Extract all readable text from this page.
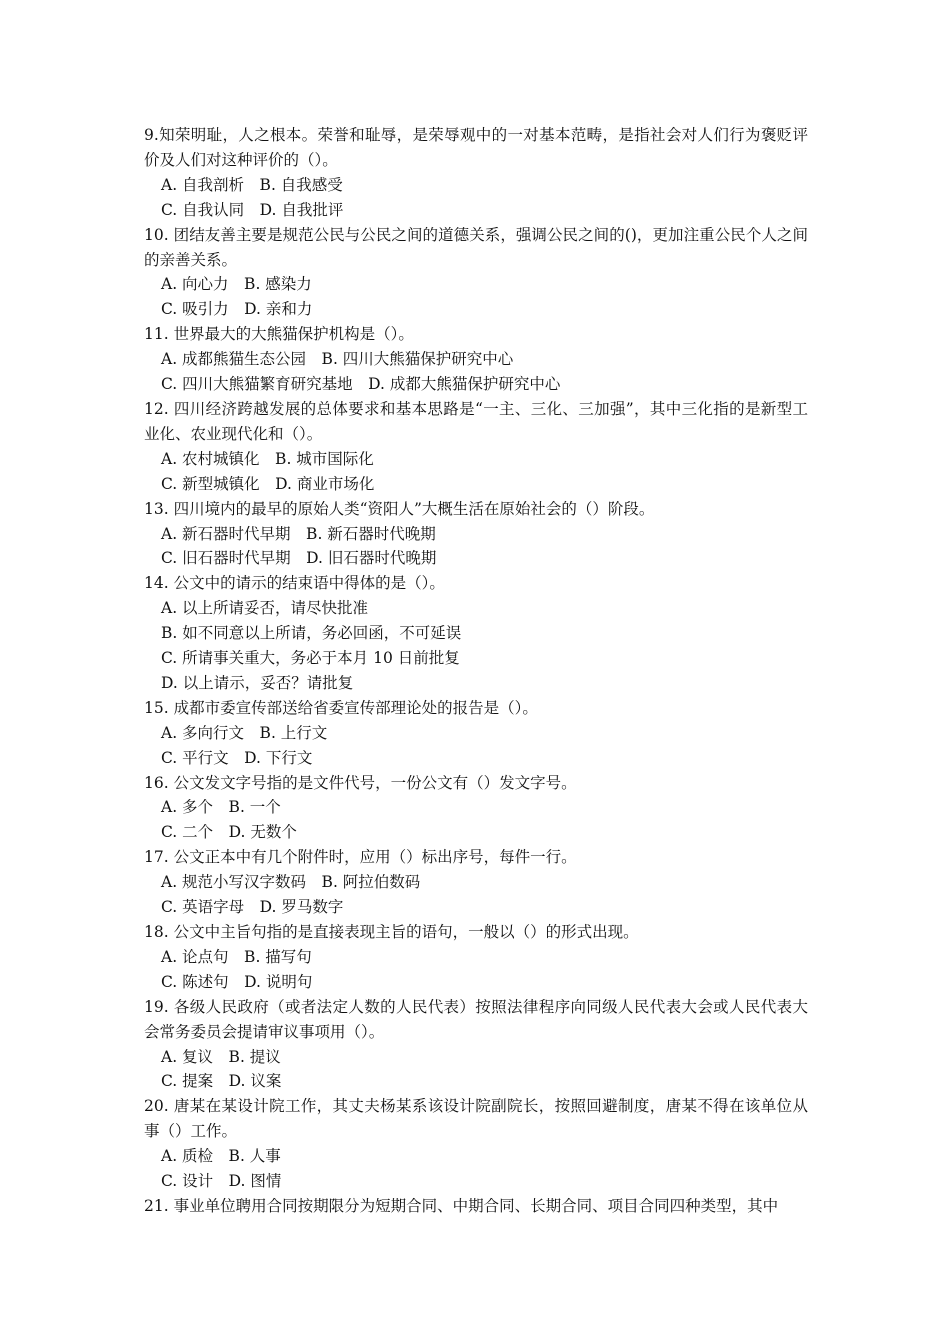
9.知荣明耻，人之根本。荣誉和耻辱，是荣辱观中的一对基本范畴，是指社会对人们行为褒贬评价及人们对这种评价的（）。

A. 自我剖析　B. 自我感受

C. 自我认同　D. 自我批评

10. 团结友善主要是规范公民与公民之间的道德关系，强调公民之间的()，更加注重公民个人之间的亲善关系。

A. 向心力　B. 感染力

C. 吸引力　D. 亲和力

11. 世界最大的大熊猫保护机构是（）。

A. 成都熊猫生态公园　B. 四川大熊猫保护研究中心

C. 四川大熊猫繁育研究基地　D. 成都大熊猫保护研究中心

12. 四川经济跨越发展的总体要求和基本思路是“一主、三化、三加强”，其中三化指的是新型工业化、农业现代化和（）。

A. 农村城镇化　B. 城市国际化

C. 新型城镇化　D. 商业市场化

13. 四川境内的最早的原始人类“资阳人”大概生活在原始社会的（）阶段。

A. 新石器时代早期　B. 新石器时代晚期

C. 旧石器时代早期　D. 旧石器时代晚期

14. 公文中的请示的结束语中得体的是（）。

A. 以上所请妥否，请尽快批准

B. 如不同意以上所请，务必回函，不可延误

C. 所请事关重大，务必于本月 10 日前批复

D. 以上请示，妥否？请批复

15. 成都市委宣传部送给省委宣传部理论处的报告是（）。

A. 多向行文　B. 上行文

C. 平行文　D. 下行文

16. 公文发文字号指的是文件代号，一份公文有（）发文字号。

A. 多个　B. 一个

C. 二个　D. 无数个

17. 公文正本中有几个附件时，应用（）标出序号，每件一行。

A. 规范小写汉字数码　B. 阿拉伯数码

C. 英语字母　D. 罗马数字

18. 公文中主旨句指的是直接表现主旨的语句，一般以（）的形式出现。

A. 论点句　B. 描写句

C. 陈述句　D. 说明句

19. 各级人民政府（或者法定人数的人民代表）按照法律程序向同级人民代表大会或人民代表大会常务委员会提请审议事项用（）。

A. 复议　B. 提议

C. 提案　D. 议案

20. 唐某在某设计院工作，其丈夫杨某系该设计院副院长，按照回避制度，唐某不得在该单位从事（）工作。

A. 质检　B. 人事

C. 设计　D. 图情

21. 事业单位聘用合同按期限分为短期合同、中期合同、长期合同、项目合同四种类型，其中
